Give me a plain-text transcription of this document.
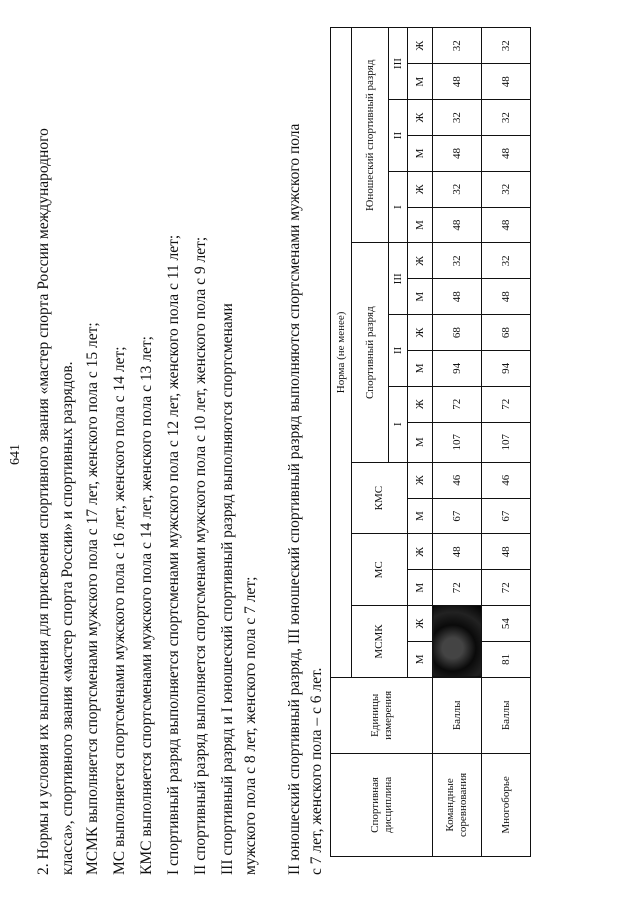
641 2. Нормы и условия их выполнения для присвоения спортивного звания «мастер спорта России международного класса», спортивного звания «мастер спорта России» и спортивных разрядов. МСМК выполняется спортсменами мужского пола с 17 лет, женского пола с 15 лет; МС выполняется спортсменами мужского пола с 16 лет, женского пола с 14 лет; КМС выполняется спортсменами мужского пола с 14 лет, женского пола с 13 лет; I спортивный разряд выполняется спортсменами мужского пола с 12 лет, женского пола с 11 лет; II спортивный разряд выполняется спортсменами мужского пола с 10 лет, женского пола с 9 лет; III спортивный разряд и I юношеский спортивный разряд выполняются спортсменами мужского пола с 8 лет, женского пола с 7 лет; II юношеский спортивный разряд, III юношеский спортивный разряд выполняются спортсменами мужского пола с 7 лет, женского пола – с 6 лет.	Спортивная дисциплина	Единицы измерения	Норма (не менее)																	
		МСМК		МС		КМС		Спортивный разряд						Юношеский спортивный разряд					
								I		II		III		I		II		III	
		М	Ж	М	Ж	М	Ж	М	Ж	М	Ж	М	Ж	М	Ж	М	Ж	М	Ж
Командные соревнования	Баллы			72	48	67	46	107	72	94	68	48	32	48	32	48	32	48	32
Многоборье	Баллы	81	54	72	48	67	46	107	72	94	68	48	32	48	32	48	32	48	32
